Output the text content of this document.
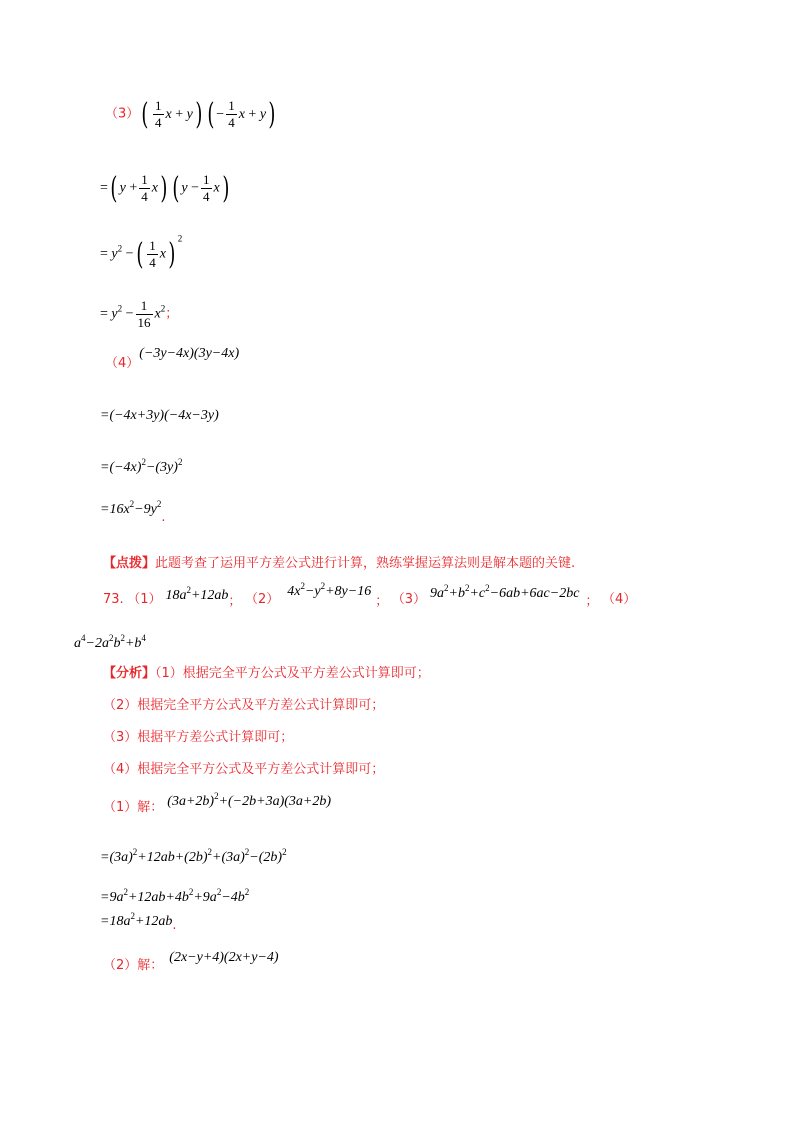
$(3)( \frac{1}{4}$ x + y) ( − $\frac{1}{4}$ x + y)
=( $y + \frac{1}{4} x$) ( $y - \frac{1}{4} x$)
= $y^2$ −( $\frac{1}{4} x$) $^2$
= $y^2 - \frac{1}{16} x^2$；
（4）(−3y−4x)(3y−4x)
=(−4x+3y)(−4x−3y)
$=(-4x)^2-(3y)^2$
$=16x^2-9y^2$.
【点拨】此题考查了运用平方差公式进行计算，熟练掌握运算法则是解本题的关键.
73. （1） $18a^2+12ab$； $(2)4x^2-y^2+8y-16$； （3） $9a^2+b^2+c^2-6ab+6ac-2bc$； （4）
$a^4-2a^2b^2+b^4$
【分析】（1）根据完全平方公式及平方差公式计算即可；
（2）根据完全平方公式及平方差公式计算即可；
（3）根据平方差公式计算即可；
（4）根据完全平方公式及平方差公式计算即可；
（1）解： $(3a+2b)^2+(-2b+3a)(3a+2b)$
$=(3a)^2+12ab+(2b)^2+(3a)^2-(2b)^2$
$=9a^2+12ab+4b^2+9a^2-4b^2$
$=18a^2+12ab$.
（2）解：(2x−y+4)(2x+y−4)
